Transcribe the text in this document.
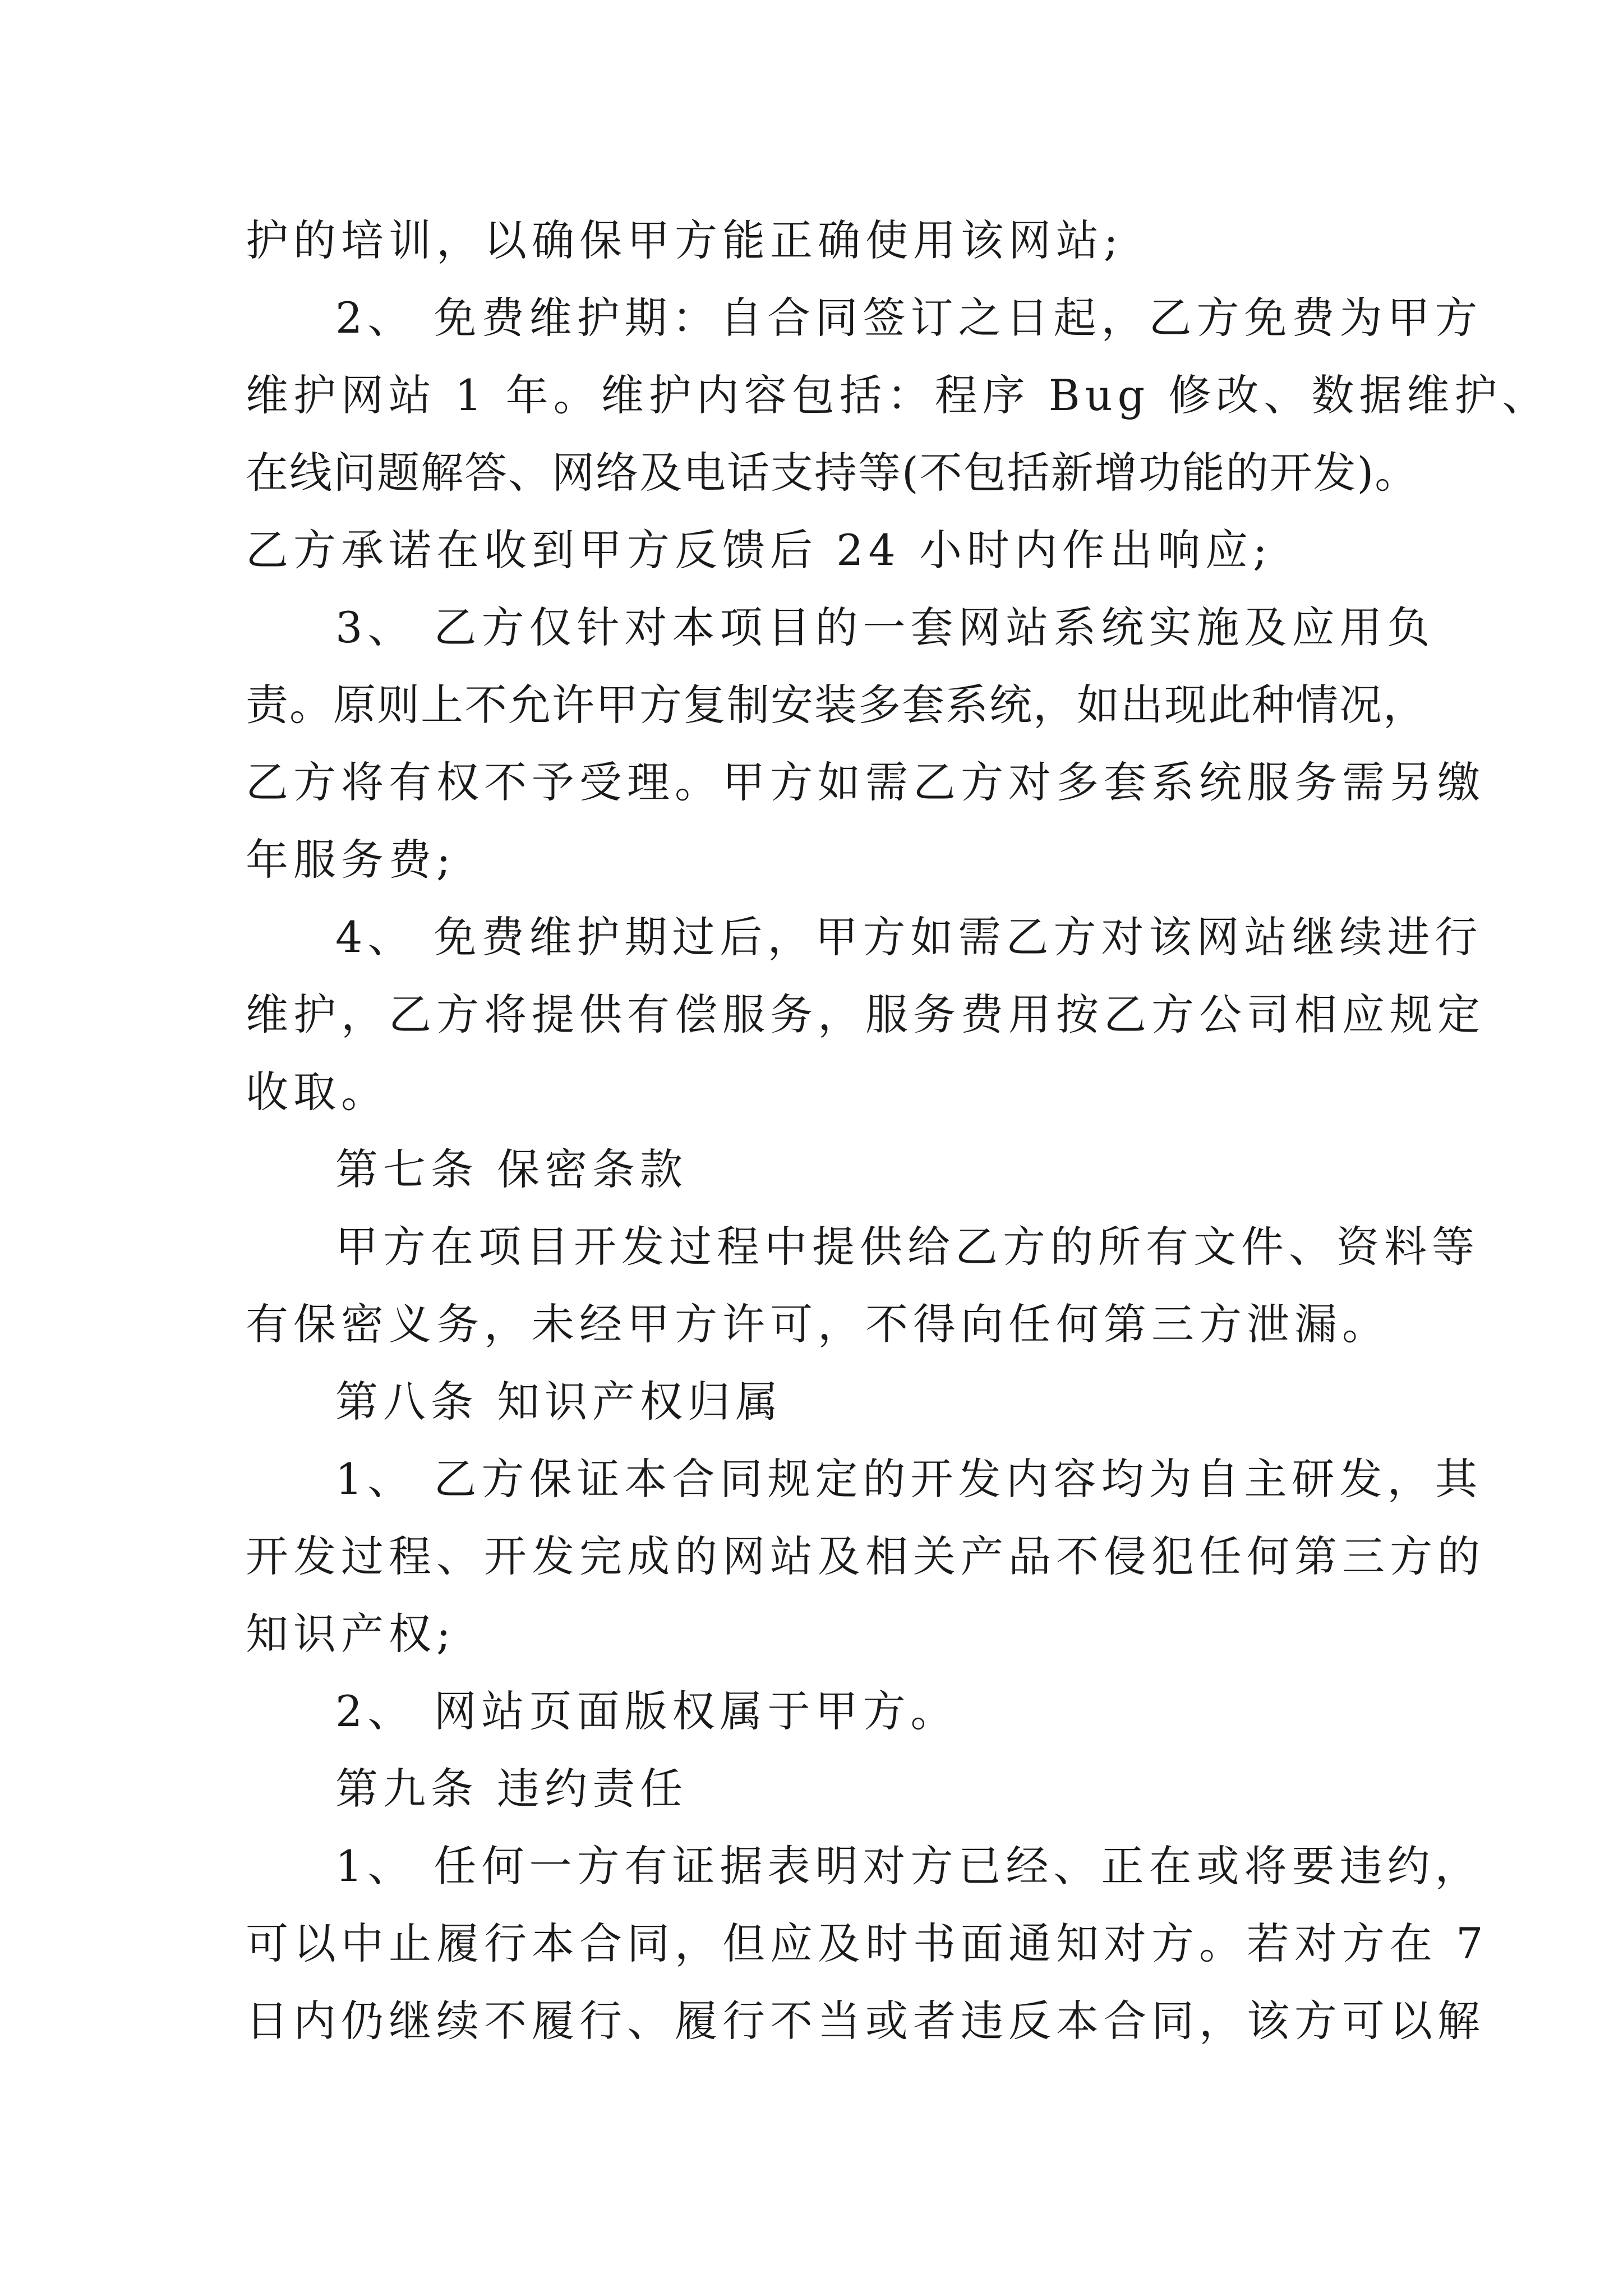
护的培训，以确保甲方能正确使用该网站;
2、 免费维护期：自合同签订之日起，乙方免费为甲方
维护网站 1 年。维护内容包括：程序 Bug 修改、数据维护、
在线问题解答、网络及电话支持等(不包括新增功能的开发)。
乙方承诺在收到甲方反馈后 24 小时内作出响应;
3、 乙方仅针对本项目的一套网站系统实施及应用负
责。原则上不允许甲方复制安装多套系统，如出现此种情况，
乙方将有权不予受理。甲方如需乙方对多套系统服务需另缴
年服务费;
4、 免费维护期过后，甲方如需乙方对该网站继续进行
维护，乙方将提供有偿服务，服务费用按乙方公司相应规定
收取。
第七条 保密条款
甲方在项目开发过程中提供给乙方的所有文件、资料等
有保密义务，未经甲方许可，不得向任何第三方泄漏。
第八条 知识产权归属
1、 乙方保证本合同规定的开发内容均为自主研发，其
开发过程、开发完成的网站及相关产品不侵犯任何第三方的
知识产权;
2、 网站页面版权属于甲方。
第九条 违约责任
1、 任何一方有证据表明对方已经、正在或将要违约，
可以中止履行本合同，但应及时书面通知对方。若对方在 7
日内仍继续不履行、履行不当或者违反本合同，该方可以解
